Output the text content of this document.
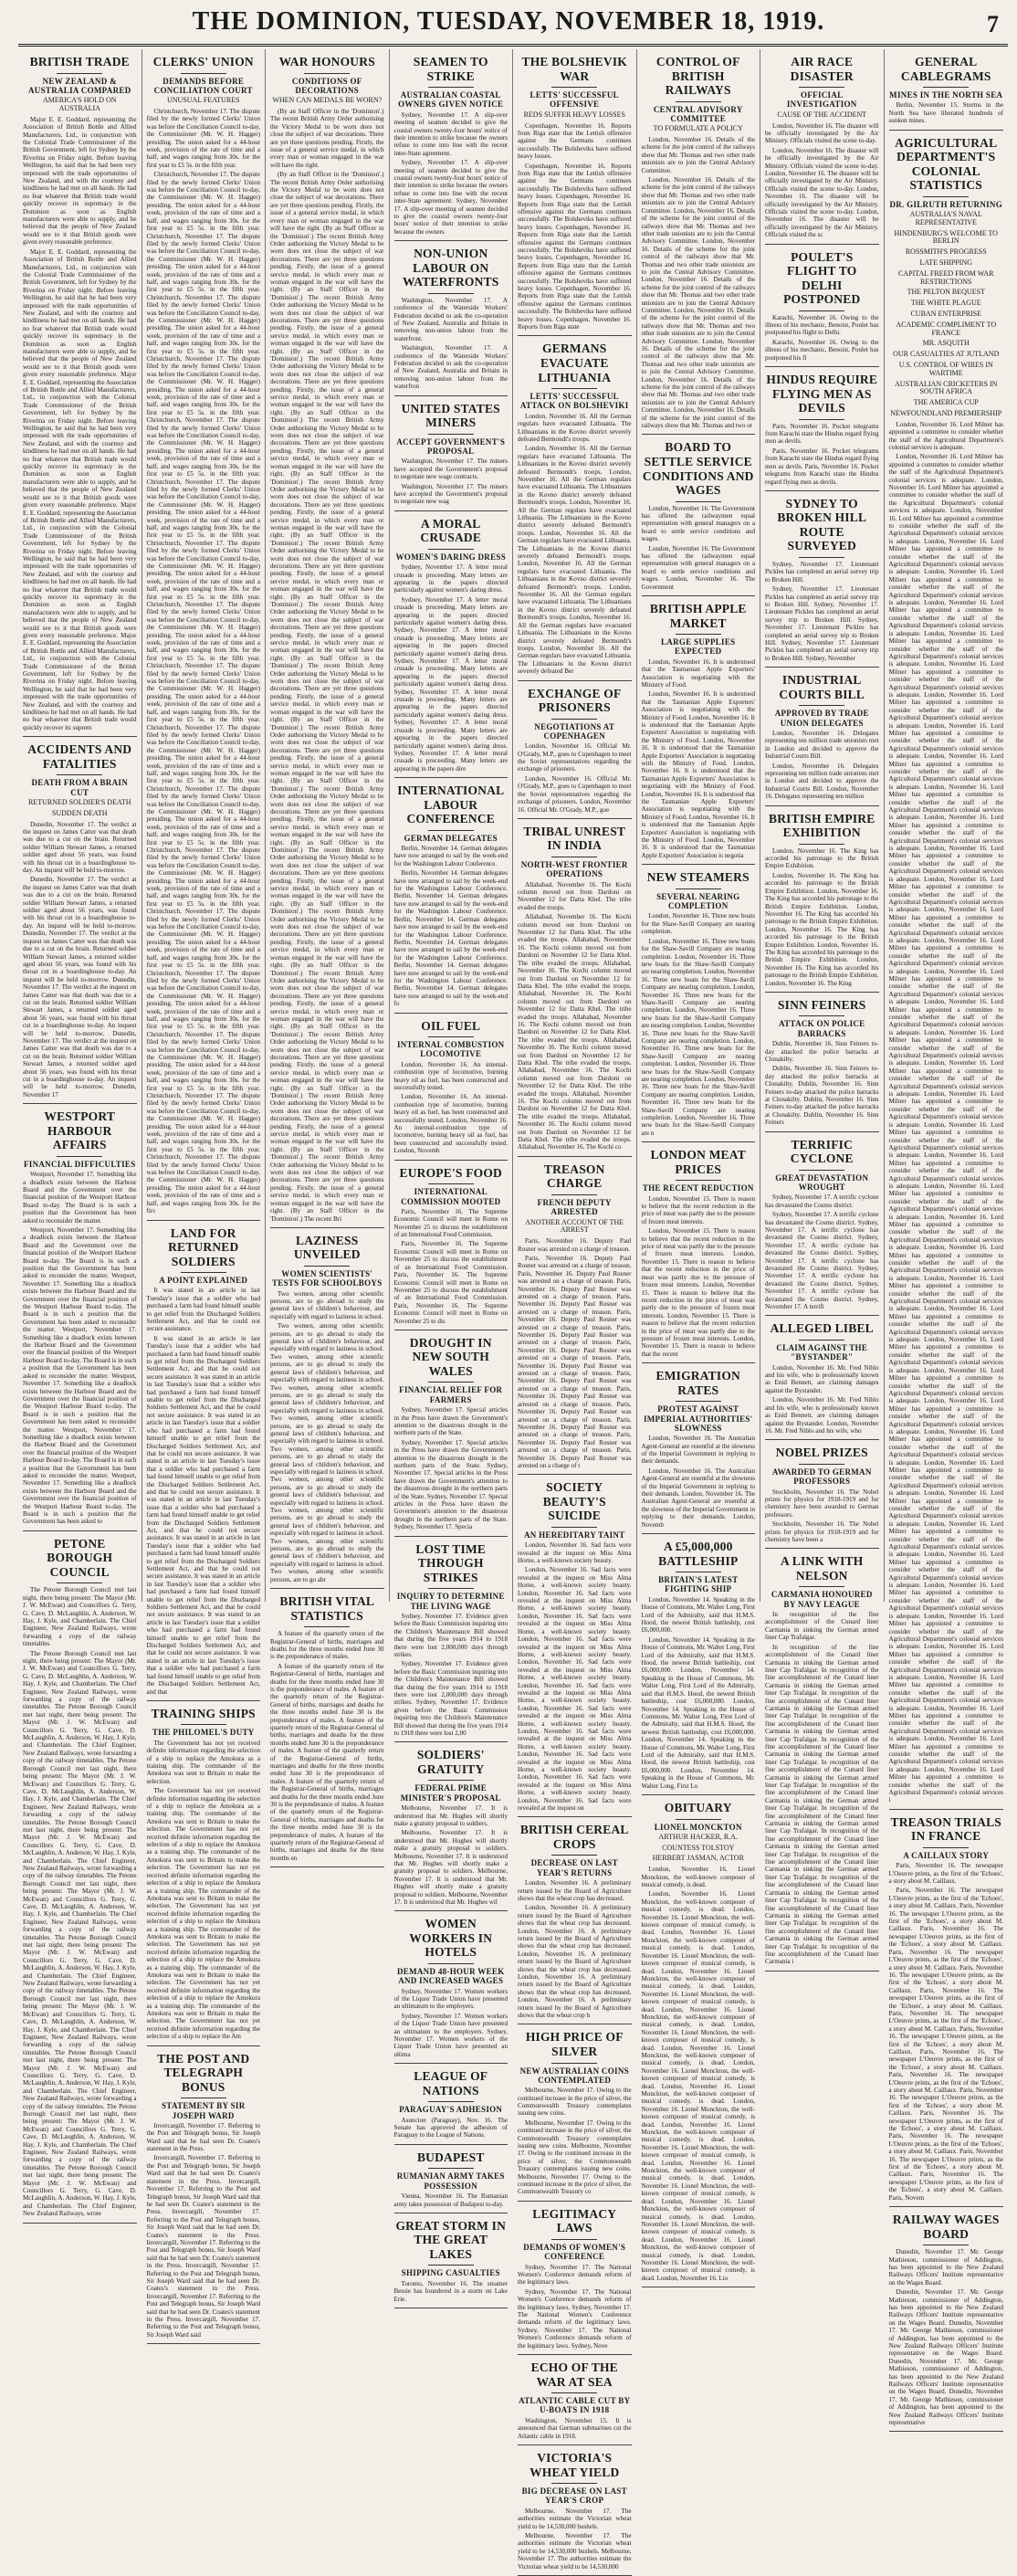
THE DOMINION, TUESDAY, NOVEMBER 18, 1919.	7
BRITISH TRADE
NEW ZEALAND & AUSTRALIA COMPARED
AMERICA'S HOLD ON AUSTRALIA

Major E. E. Goddard, representing the Association of British Bottle and Allied Manufacturers, Ltd., in conjunction with the Colonial Trade Commissioner of the British Government, left for Sydney by the Riverina on Friday night. Before leaving Wellington, he said that he had been very impressed with the trade opportunities of New Zealand, and with the courtesy and kindliness he had met on all hands. He had no fear whatever that British trade would quickly recover its supremacy in the Dominion as soon as English manufacturers were able to supply, and he believed that the people of New Zealand would see to it that British goods were given every reasonable preference.

Major E. E. Goddard, representing the Association of British Bottle and Allied Manufacturers, Ltd., in conjunction with the Colonial Trade Commissioner of the British Government, left for Sydney by the Riverina on Friday night. Before leaving Wellington, he said that he had been very impressed with the trade opportunities of New Zealand, and with the courtesy and kindliness he had met on all hands. He had no fear whatever that British trade would quickly recover its supremacy in the Dominion as soon as English manufacturers were able to supply, and he believed that the people of New Zealand would see to it that British goods were given every reasonable preference. Major E. E. Goddard, representing the Association of British Bottle and Allied Manufacturers, Ltd., in conjunction with the Colonial Trade Commissioner of the British Government, left for Sydney by the Riverina on Friday night. Before leaving Wellington, he said that he had been very impressed with the trade opportunities of New Zealand, and with the courtesy and kindliness he had met on all hands. He had no fear whatever that British trade would quickly recover its supremacy in the Dominion as soon as English manufacturers were able to supply, and he believed that the people of New Zealand would see to it that British goods were given every reasonable preference. Major E. E. Goddard, representing the Association of British Bottle and Allied Manufacturers, Ltd., in conjunction with the Colonial Trade Commissioner of the British Government, left for Sydney by the Riverina on Friday night. Before leaving Wellington, he said that he had been very impressed with the trade opportunities of New Zealand, and with the courtesy and kindliness he had met on all hands. He had no fear whatever that British trade would quickly recover its supremacy in the Dominion as soon as English manufacturers were able to supply, and he believed that the people of New Zealand would see to it that British goods were given every reasonable preference. Major E. E. Goddard, representing the Association of British Bottle and Allied Manufacturers, Ltd., in conjunction with the Colonial Trade Commissioner of the British Government, left for Sydney by the Riverina on Friday night. Before leaving Wellington, he said that he had been very impressed with the trade opportunities of New Zealand, and with the courtesy and kindliness he had met on all hands. He had no fear whatever that British trade would quickly recover its suprem

ACCIDENTS AND FATALITIES
DEATH FROM A BRAIN CUT
RETURNED SOLDIER'S DEATH
SUDDEN DEATH

Dunedin, November 17. The verdict at the inquest on James Catter was that death was due to a cut on the brain. Returned soldier William Stewart James, a returned soldier aged about 56 years, was found with his throat cut in a boardinghouse to-day. An inquest will be held to-morrow.

Dunedin, November 17. The verdict at the inquest on James Catter was that death was due to a cut on the brain. Returned soldier William Stewart James, a returned soldier aged about 56 years, was found with his throat cut in a boardinghouse to-day. An inquest will be held to-morrow. Dunedin, November 17. The verdict at the inquest on James Catter was that death was due to a cut on the brain. Returned soldier William Stewart James, a returned soldier aged about 56 years, was found with his throat cut in a boardinghouse to-day. An inquest will be held to-morrow. Dunedin, November 17. The verdict at the inquest on James Catter was that death was due to a cut on the brain. Returned soldier William Stewart James, a returned soldier aged about 56 years, was found with his throat cut in a boardinghouse to-day. An inquest will be held to-morrow. Dunedin, November 17. The verdict at the inquest on James Catter was that death was due to a cut on the brain. Returned soldier William Stewart James, a returned soldier aged about 56 years, was found with his throat cut in a boardinghouse to-day. An inquest will be held to-morrow. Dunedin, November 17

WESTPORT HARBOUR AFFAIRS
FINANCIAL DIFFICULTIES

Westport, November 17. Something like a deadlock exists between the Harbour Board and the Government over the financial position of the Westport Harbour Board to-day. The Board is in such a position that the Government has been asked to reconsider the matter.

Westport, November 17. Something like a deadlock exists between the Harbour Board and the Government over the financial position of the Westport Harbour Board to-day. The Board is in such a position that the Government has been asked to reconsider the matter. Westport, November 17. Something like a deadlock exists between the Harbour Board and the Government over the financial position of the Westport Harbour Board to-day. The Board is in such a position that the Government has been asked to reconsider the matter. Westport, November 17. Something like a deadlock exists between the Harbour Board and the Government over the financial position of the Westport Harbour Board to-day. The Board is in such a position that the Government has been asked to reconsider the matter. Westport, November 17. Something like a deadlock exists between the Harbour Board and the Government over the financial position of the Westport Harbour Board to-day. The Board is in such a position that the Government has been asked to reconsider the matter. Westport, November 17. Something like a deadlock exists between the Harbour Board and the Government over the financial position of the Westport Harbour Board to-day. The Board is in such a position that the Government has been asked to reconsider the matter. Westport, November 17. Something like a deadlock exists between the Harbour Board and the Government over the financial position of the Westport Harbour Board to-day. The Board is in such a position that the Government has been asked to

PETONE BOROUGH COUNCIL

The Petone Borough Council met last night, there being present: The Mayor (Mr. J. W. McEwan) and Councillors G. Terry, G. Cave, D. McLaughlin, A. Anderson, W. Hay, J. Kyle, and Chamberlain. The Chief Engineer, New Zealand Railways, wrote forwarding a copy of the railway timetables.

The Petone Borough Council met last night, there being present: The Mayor (Mr. J. W. McEwan) and Councillors G. Terry, G. Cave, D. McLaughlin, A. Anderson, W. Hay, J. Kyle, and Chamberlain. The Chief Engineer, New Zealand Railways, wrote forwarding a copy of the railway timetables. The Petone Borough Council met last night, there being present: The Mayor (Mr. J. W. McEwan) and Councillors G. Terry, G. Cave, D. McLaughlin, A. Anderson, W. Hay, J. Kyle, and Chamberlain. The Chief Engineer, New Zealand Railways, wrote forwarding a copy of the railway timetables. The Petone Borough Council met last night, there being present: The Mayor (Mr. J. W. McEwan) and Councillors G. Terry, G. Cave, D. McLaughlin, A. Anderson, W. Hay, J. Kyle, and Chamberlain. The Chief Engineer, New Zealand Railways, wrote forwarding a copy of the railway timetables. The Petone Borough Council met last night, there being present: The Mayor (Mr. J. W. McEwan) and Councillors G. Terry, G. Cave, D. McLaughlin, A. Anderson, W. Hay, J. Kyle, and Chamberlain. The Chief Engineer, New Zealand Railways, wrote forwarding a copy of the railway timetables. The Petone Borough Council met last night, there being present: The Mayor (Mr. J. W. McEwan) and Councillors G. Terry, G. Cave, D. McLaughlin, A. Anderson, W. Hay, J. Kyle, and Chamberlain. The Chief Engineer, New Zealand Railways, wrote forwarding a copy of the railway timetables. The Petone Borough Council met last night, there being present: The Mayor (Mr. J. W. McEwan) and Councillors G. Terry, G. Cave, D. McLaughlin, A. Anderson, W. Hay, J. Kyle, and Chamberlain. The Chief Engineer, New Zealand Railways, wrote forwarding a copy of the railway timetables. The Petone Borough Council met last night, there being present: The Mayor (Mr. J. W. McEwan) and Councillors G. Terry, G. Cave, D. McLaughlin, A. Anderson, W. Hay, J. Kyle, and Chamberlain. The Chief Engineer, New Zealand Railways, wrote forwarding a copy of the railway timetables. The Petone Borough Council met last night, there being present: The Mayor (Mr. J. W. McEwan) and Councillors G. Terry, G. Cave, D. McLaughlin, A. Anderson, W. Hay, J. Kyle, and Chamberlain. The Chief Engineer, New Zealand Railways, wrote forwarding a copy of the railway timetables. The Petone Borough Council met last night, there being present: The Mayor (Mr. J. W. McEwan) and Councillors G. Terry, G. Cave, D. McLaughlin, A. Anderson, W. Hay, J. Kyle, and Chamberlain. The Chief Engineer, New Zealand Railways, wrote forwarding a copy of the railway timetables. The Petone Borough Council met last night, there being present: The Mayor (Mr. J. W. McEwan) and Councillors G. Terry, G. Cave, D. McLaughlin, A. Anderson, W. Hay, J. Kyle, and Chamberlain. The Chief Engineer, New Zealand Railways, wrote

CLERKS' UNION
DEMANDS BEFORE CONCILIATION COURT
UNUSUAL FEATURES

Christchurch, November 17. The dispute filed by the newly formed Clerks' Union was before the Conciliation Council to-day, the Commissioner (Mr. W. H. Hagger) presiding. The union asked for a 44-hour week, provision of the rate of time and a half, and wages ranging from 30s. for the first year to £5 5s. in the fifth year.

Christchurch, November 17. The dispute filed by the newly formed Clerks' Union was before the Conciliation Council to-day, the Commissioner (Mr. W. H. Hagger) presiding. The union asked for a 44-hour week, provision of the rate of time and a half, and wages ranging from 30s. for the first year to £5 5s. in the fifth year. Christchurch, November 17. The dispute filed by the newly formed Clerks' Union was before the Conciliation Council to-day, the Commissioner (Mr. W. H. Hagger) presiding. The union asked for a 44-hour week, provision of the rate of time and a half, and wages ranging from 30s. for the first year to £5 5s. in the fifth year. Christchurch, November 17. The dispute filed by the newly formed Clerks' Union was before the Conciliation Council to-day, the Commissioner (Mr. W. H. Hagger) presiding. The union asked for a 44-hour week, provision of the rate of time and a half, and wages ranging from 30s. for the first year to £5 5s. in the fifth year. Christchurch, November 17. The dispute filed by the newly formed Clerks' Union was before the Conciliation Council to-day, the Commissioner (Mr. W. H. Hagger) presiding. The union asked for a 44-hour week, provision of the rate of time and a half, and wages ranging from 30s. for the first year to £5 5s. in the fifth year. Christchurch, November 17. The dispute filed by the newly formed Clerks' Union was before the Conciliation Council to-day, the Commissioner (Mr. W. H. Hagger) presiding. The union asked for a 44-hour week, provision of the rate of time and a half, and wages ranging from 30s. for the first year to £5 5s. in the fifth year. Christchurch, November 17. The dispute filed by the newly formed Clerks' Union was before the Conciliation Council to-day, the Commissioner (Mr. W. H. Hagger) presiding. The union asked for a 44-hour week, provision of the rate of time and a half, and wages ranging from 30s. for the first year to £5 5s. in the fifth year. Christchurch, November 17. The dispute filed by the newly formed Clerks' Union was before the Conciliation Council to-day, the Commissioner (Mr. W. H. Hagger) presiding. The union asked for a 44-hour week, provision of the rate of time and a half, and wages ranging from 30s. for the first year to £5 5s. in the fifth year. Christchurch, November 17. The dispute filed by the newly formed Clerks' Union was before the Conciliation Council to-day, the Commissioner (Mr. W. H. Hagger) presiding. The union asked for a 44-hour week, provision of the rate of time and a half, and wages ranging from 30s. for the first year to £5 5s. in the fifth year. Christchurch, November 17. The dispute filed by the newly formed Clerks' Union was before the Conciliation Council to-day, the Commissioner (Mr. W. H. Hagger) presiding. The union asked for a 44-hour week, provision of the rate of time and a half, and wages ranging from 30s. for the first year to £5 5s. in the fifth year. Christchurch, November 17. The dispute filed by the newly formed Clerks' Union was before the Conciliation Council to-day, the Commissioner (Mr. W. H. Hagger) presiding. The union asked for a 44-hour week, provision of the rate of time and a half, and wages ranging from 30s. for the first year to £5 5s. in the fifth year. Christchurch, November 17. The dispute filed by the newly formed Clerks' Union was before the Conciliation Council to-day, the Commissioner (Mr. W. H. Hagger) presiding. The union asked for a 44-hour week, provision of the rate of time and a half, and wages ranging from 30s. for the first year to £5 5s. in the fifth year. Christchurch, November 17. The dispute filed by the newly formed Clerks' Union was before the Conciliation Council to-day, the Commissioner (Mr. W. H. Hagger) presiding. The union asked for a 44-hour week, provision of the rate of time and a half, and wages ranging from 30s. for the first year to £5 5s. in the fifth year. Christchurch, November 17. The dispute filed by the newly formed Clerks' Union was before the Conciliation Council to-day, the Commissioner (Mr. W. H. Hagger) presiding. The union asked for a 44-hour week, provision of the rate of time and a half, and wages ranging from 30s. for the first year to £5 5s. in the fifth year. Christchurch, November 17. The dispute filed by the newly formed Clerks' Union was before the Conciliation Council to-day, the Commissioner (Mr. W. H. Hagger) presiding. The union asked for a 44-hour week, provision of the rate of time and a half, and wages ranging from 30s. for the first year to £5 5s. in the fifth year. Christchurch, November 17. The dispute filed by the newly formed Clerks' Union was before the Conciliation Council to-day, the Commissioner (Mr. W. H. Hagger) presiding. The union asked for a 44-hour week, provision of the rate of time and a half, and wages ranging from 30s. for the first year to £5 5s. in the fifth year. Christchurch, November 17. The dispute filed by the newly formed Clerks' Union was before the Conciliation Council to-day, the Commissioner (Mr. W. H. Hagger) presiding. The union asked for a 44-hour week, provision of the rate of time and a half, and wages ranging from 30s. for the first year to £5 5s. in the fifth year. Christchurch, November 17. The dispute filed by the newly formed Clerks' Union was before the Conciliation Council to-day, the Commissioner (Mr. W. H. Hagger) presiding. The union asked for a 44-hour week, provision of the rate of time and a half, and wages ranging from 30s. for the firs

LAND FOR RETURNED SOLDIERS
A POINT EXPLAINED

It was stated in an article in last Tuesday's issue that a soldier who had purchased a farm had found himself unable to get relief from the Discharged Soldiers Settlement Act, and that he could not secure assistance.

It was stated in an article in last Tuesday's issue that a soldier who had purchased a farm had found himself unable to get relief from the Discharged Soldiers Settlement Act, and that he could not secure assistance. It was stated in an article in last Tuesday's issue that a soldier who had purchased a farm had found himself unable to get relief from the Discharged Soldiers Settlement Act, and that he could not secure assistance. It was stated in an article in last Tuesday's issue that a soldier who had purchased a farm had found himself unable to get relief from the Discharged Soldiers Settlement Act, and that he could not secure assistance. It was stated in an article in last Tuesday's issue that a soldier who had purchased a farm had found himself unable to get relief from the Discharged Soldiers Settlement Act, and that he could not secure assistance. It was stated in an article in last Tuesday's issue that a soldier who had purchased a farm had found himself unable to get relief from the Discharged Soldiers Settlement Act, and that he could not secure assistance. It was stated in an article in last Tuesday's issue that a soldier who had purchased a farm had found himself unable to get relief from the Discharged Soldiers Settlement Act, and that he could not secure assistance. It was stated in an article in last Tuesday's issue that a soldier who had purchased a farm had found himself unable to get relief from the Discharged Soldiers Settlement Act, and that he could not secure assistance. It was stated in an article in last Tuesday's issue that a soldier who had purchased a farm had found himself unable to get relief from the Discharged Soldiers Settlement Act, and that he could not secure assistance. It was stated in an article in last Tuesday's issue that a soldier who had purchased a farm had found himself unable to get relief from the Discharged Soldiers Settlement Act, and that

TRAINING SHIPS
THE PHILOMEL'S DUTY

The Government has not yet received definite information regarding the selection of a ship to replace the Amokura as a training ship. The commander of the Amokura was sent to Britain to make the selection.

The Government has not yet received definite information regarding the selection of a ship to replace the Amokura as a training ship. The commander of the Amokura was sent to Britain to make the selection. The Government has not yet received definite information regarding the selection of a ship to replace the Amokura as a training ship. The commander of the Amokura was sent to Britain to make the selection. The Government has not yet received definite information regarding the selection of a ship to replace the Amokura as a training ship. The commander of the Amokura was sent to Britain to make the selection. The Government has not yet received definite information regarding the selection of a ship to replace the Amokura as a training ship. The commander of the Amokura was sent to Britain to make the selection. The Government has not yet received definite information regarding the selection of a ship to replace the Amokura as a training ship. The commander of the Amokura was sent to Britain to make the selection. The Government has not yet received definite information regarding the selection of a ship to replace the Amokura as a training ship. The commander of the Amokura was sent to Britain to make the selection. The Government has not yet received definite information regarding the selection of a ship to replace the Am

THE POST AND TELEGRAPH BONUS
STATEMENT BY SIR JOSEPH WARD

Invercargill, November 17. Referring to the Post and Telegraph bonus, Sir Joseph Ward said that he had seen Dr. Coates's statement in the Press.

Invercargill, November 17. Referring to the Post and Telegraph bonus, Sir Joseph Ward said that he had seen Dr. Coates's statement in the Press. Invercargill, November 17. Referring to the Post and Telegraph bonus, Sir Joseph Ward said that he had seen Dr. Coates's statement in the Press. Invercargill, November 17. Referring to the Post and Telegraph bonus, Sir Joseph Ward said that he had seen Dr. Coates's statement in the Press. Invercargill, November 17. Referring to the Post and Telegraph bonus, Sir Joseph Ward said that he had seen Dr. Coates's statement in the Press. Invercargill, November 17. Referring to the Post and Telegraph bonus, Sir Joseph Ward said that he had seen Dr. Coates's statement in the Press. Invercargill, November 17. Referring to the Post and Telegraph bonus, Sir Joseph Ward said that he had seen Dr. Coates's statement in the Press. Invercargill, November 17. Referring to the Post and Telegraph bonus, Sir Joseph Ward said

WAR HONOURS
CONDITIONS OF DECORATIONS
WHEN CAN MEDALS BE WORN?

(By an Staff Officer in the 'Dominion'.) The recent British Army Order authorising the Victory Medal to be worn does not close the subject of war decorations. There are yet three questions pending. Firstly, the issue of a general service medal, in which every man or woman engaged in the war will have the right.

(By an Staff Officer in the 'Dominion'.) The recent British Army Order authorising the Victory Medal to be worn does not close the subject of war decorations. There are yet three questions pending. Firstly, the issue of a general service medal, in which every man or woman engaged in the war will have the right. (By an Staff Officer in the 'Dominion'.) The recent British Army Order authorising the Victory Medal to be worn does not close the subject of war decorations. There are yet three questions pending. Firstly, the issue of a general service medal, in which every man or woman engaged in the war will have the right. (By an Staff Officer in the 'Dominion'.) The recent British Army Order authorising the Victory Medal to be worn does not close the subject of war decorations. There are yet three questions pending. Firstly, the issue of a general service medal, in which every man or woman engaged in the war will have the right. (By an Staff Officer in the 'Dominion'.) The recent British Army Order authorising the Victory Medal to be worn does not close the subject of war decorations. There are yet three questions pending. Firstly, the issue of a general service medal, in which every man or woman engaged in the war will have the right. (By an Staff Officer in the 'Dominion'.) The recent British Army Order authorising the Victory Medal to be worn does not close the subject of war decorations. There are yet three questions pending. Firstly, the issue of a general service medal, in which every man or woman engaged in the war will have the right. (By an Staff Officer in the 'Dominion'.) The recent British Army Order authorising the Victory Medal to be worn does not close the subject of war decorations. There are yet three questions pending. Firstly, the issue of a general service medal, in which every man or woman engaged in the war will have the right. (By an Staff Officer in the 'Dominion'.) The recent British Army Order authorising the Victory Medal to be worn does not close the subject of war decorations. There are yet three questions pending. Firstly, the issue of a general service medal, in which every man or woman engaged in the war will have the right. (By an Staff Officer in the 'Dominion'.) The recent British Army Order authorising the Victory Medal to be worn does not close the subject of war decorations. There are yet three questions pending. Firstly, the issue of a general service medal, in which every man or woman engaged in the war will have the right. (By an Staff Officer in the 'Dominion'.) The recent British Army Order authorising the Victory Medal to be worn does not close the subject of war decorations. There are yet three questions pending. Firstly, the issue of a general service medal, in which every man or woman engaged in the war will have the right. (By an Staff Officer in the 'Dominion'.) The recent British Army Order authorising the Victory Medal to be worn does not close the subject of war decorations. There are yet three questions pending. Firstly, the issue of a general service medal, in which every man or woman engaged in the war will have the right. (By an Staff Officer in the 'Dominion'.) The recent British Army Order authorising the Victory Medal to be worn does not close the subject of war decorations. There are yet three questions pending. Firstly, the issue of a general service medal, in which every man or woman engaged in the war will have the right. (By an Staff Officer in the 'Dominion'.) The recent British Army Order authorising the Victory Medal to be worn does not close the subject of war decorations. There are yet three questions pending. Firstly, the issue of a general service medal, in which every man or woman engaged in the war will have the right. (By an Staff Officer in the 'Dominion'.) The recent British Army Order authorising the Victory Medal to be worn does not close the subject of war decorations. There are yet three questions pending. Firstly, the issue of a general service medal, in which every man or woman engaged in the war will have the right. (By an Staff Officer in the 'Dominion'.) The recent British Army Order authorising the Victory Medal to be worn does not close the subject of war decorations. There are yet three questions pending. Firstly, the issue of a general service medal, in which every man or woman engaged in the war will have the right. (By an Staff Officer in the 'Dominion'.) The recent British Army Order authorising the Victory Medal to be worn does not close the subject of war decorations. There are yet three questions pending. Firstly, the issue of a general service medal, in which every man or woman engaged in the war will have the right. (By an Staff Officer in the 'Dominion'.) The recent British Army Order authorising the Victory Medal to be worn does not close the subject of war decorations. There are yet three questions pending. Firstly, the issue of a general service medal, in which every man or woman engaged in the war will have the right. (By an Staff Officer in the 'Dominion'.) The recent British Army Order authorising the Victory Medal to be worn does not close the subject of war decorations. There are yet three questions pending. Firstly, the issue of a general service medal, in which every man or woman engaged in the war will have the right. (By an Staff Officer in the 'Dominion'.) The recent Bri

LAZINESS UNVEILED
WOMEN SCIENTISTS' TESTS FOR SCHOOLBOYS

Two women, among other scientific persons, are to go abroad to study the general laws of children's behaviour, and especially with regard to laziness in school.

Two women, among other scientific persons, are to go abroad to study the general laws of children's behaviour, and especially with regard to laziness in school. Two women, among other scientific persons, are to go abroad to study the general laws of children's behaviour, and especially with regard to laziness in school. Two women, among other scientific persons, are to go abroad to study the general laws of children's behaviour, and especially with regard to laziness in school. Two women, among other scientific persons, are to go abroad to study the general laws of children's behaviour, and especially with regard to laziness in school. Two women, among other scientific persons, are to go abroad to study the general laws of children's behaviour, and especially with regard to laziness in school. Two women, among other scientific persons, are to go abroad to study the general laws of children's behaviour, and especially with regard to laziness in school. Two women, among other scientific persons, are to go abroad to study the general laws of children's behaviour, and especially with regard to laziness in school. Two women, among other scientific persons, are to go abroad to study the general laws of children's behaviour, and especially with regard to laziness in school. Two women, among other scientific persons, are to go abr

BRITISH VITAL STATISTICS

A feature of the quarterly return of the Registrar-General of births, marriages and deaths for the three months ended June 30 is the preponderance of males.

A feature of the quarterly return of the Registrar-General of births, marriages and deaths for the three months ended June 30 is the preponderance of males. A feature of the quarterly return of the Registrar-General of births, marriages and deaths for the three months ended June 30 is the preponderance of males. A feature of the quarterly return of the Registrar-General of births, marriages and deaths for the three months ended June 30 is the preponderance of males. A feature of the quarterly return of the Registrar-General of births, marriages and deaths for the three months ended June 30 is the preponderance of males. A feature of the quarterly return of the Registrar-General of births, marriages and deaths for the three months ended June 30 is the preponderance of males. A feature of the quarterly return of the Registrar-General of births, marriages and deaths for the three months ended June 30 is the preponderance of males. A feature of the quarterly return of the Registrar-General of births, marriages and deaths for the three months en

SEAMEN TO STRIKE
AUSTRALIAN COASTAL OWNERS GIVEN NOTICE

Sydney, November 17. A slip-over meeting of seamen decided to give the coastal owners twenty-four hours' notice of their intention to strike because the owners refuse to come into line with the recent inter-State agreement.

Sydney, November 17. A slip-over meeting of seamen decided to give the coastal owners twenty-four hours' notice of their intention to strike because the owners refuse to come into line with the recent inter-State agreement. Sydney, November 17. A slip-over meeting of seamen decided to give the coastal owners twenty-four hours' notice of their intention to strike because the owners

NON-UNION LABOUR ON WATERFRONTS

Washington, November 17. A conference of the Waterside Workers' Federation decided to ask the co-operation of New Zealand, Australia and Britain in removing non-union labour from the waterfront.

Washington, November 17. A conference of the Waterside Workers' Federation decided to ask the co-operation of New Zealand, Australia and Britain in removing non-union labour from the waterfron

UNITED STATES MINERS
ACCEPT GOVERNMENT'S PROPOSAL

Washington, November 17. The miners have accepted the Government's proposal to negotiate new wage contracts.

Washington, November 17. The miners have accepted the Government's proposal to negotiate new wag

A MORAL CRUSADE
WOMEN'S DARING DRESS

Sydney, November 17. A letter moral crusade is proceeding. Many letters are appearing in the papers directed particularly against women's daring dress.

Sydney, November 17. A letter moral crusade is proceeding. Many letters are appearing in the papers directed particularly against women's daring dress. Sydney, November 17. A letter moral crusade is proceeding. Many letters are appearing in the papers directed particularly against women's daring dress. Sydney, November 17. A letter moral crusade is proceeding. Many letters are appearing in the papers directed particularly against women's daring dress. Sydney, November 17. A letter moral crusade is proceeding. Many letters are appearing in the papers directed particularly against women's daring dress. Sydney, November 17. A letter moral crusade is proceeding. Many letters are appearing in the papers directed particularly against women's daring dress. Sydney, November 17. A letter moral crusade is proceeding. Many letters are appearing in the papers dire

INTERNATIONAL LABOUR CONFERENCE
GERMAN DELEGATES

Berlin, November 14. German delegates have now arranged to sail by the week-end for the Washington Labour Conference.

Berlin, November 14. German delegates have now arranged to sail by the week-end for the Washington Labour Conference. Berlin, November 14. German delegates have now arranged to sail by the week-end for the Washington Labour Conference. Berlin, November 14. German delegates have now arranged to sail by the week-end for the Washington Labour Conference. Berlin, November 14. German delegates have now arranged to sail by the week-end for the Washington Labour Conference. Berlin, November 14. German delegates have now arranged to sail by the week-end for the Washington Labour Conference. Berlin, November 14. German delegates have now arranged to sail by the week-end fo

OIL FUEL
INTERNAL COMBUSTION LOCOMOTIVE

London, November 16. An internal-combustion type of locomotive, burning heavy oil as fuel, has been constructed and successfully tested.

London, November 16. An internal-combustion type of locomotive, burning heavy oil as fuel, has been constructed and successfully tested. London, November 16. An internal-combustion type of locomotive, burning heavy oil as fuel, has been constructed and successfully tested. London, Novemb

EUROPE'S FOOD
INTERNATIONAL COMMISSION MOOTED

Paris, November 16. The Supreme Economic Council will meet in Rome on November 25 to discuss the establishment of an International Food Commission.

Paris, November 16. The Supreme Economic Council will meet in Rome on November 25 to discuss the establishment of an International Food Commission. Paris, November 16. The Supreme Economic Council will meet in Rome on November 25 to discuss the establishment of an International Food Commission. Paris, November 16. The Supreme Economic Council will meet in Rome on November 25 to dis

DROUGHT IN NEW SOUTH WALES
FINANCIAL RELIEF FOR FARMERS

Sydney, November 17. Special articles in the Press have drawn the Government's attention to the disastrous drought in the northern parts of the State.

Sydney, November 17. Special articles in the Press have drawn the Government's attention to the disastrous drought in the northern parts of the State. Sydney, November 17. Special articles in the Press have drawn the Government's attention to the disastrous drought in the northern parts of the State. Sydney, November 17. Special articles in the Press have drawn the Government's attention to the disastrous drought in the northern parts of the State. Sydney, November 17. Specia

LOST TIME THROUGH STRIKES
INQUIRY TO DETERMINE THE LIVING WAGE

Sydney, November 17. Evidence given before the Basic Commission inquiring into the Children's Maintenance Bill showed that during the five years 1914 to 1918 there were lost 2,000,000 days through strikes.

Sydney, November 17. Evidence given before the Basic Commission inquiring into the Children's Maintenance Bill showed that during the five years 1914 to 1918 there were lost 2,000,000 days through strikes. Sydney, November 17. Evidence given before the Basic Commission inquiring into the Children's Maintenance Bill showed that during the five years 1914 to 1918 there were lost 2,00

SOLDIERS' GRATUITY
FEDERAL PRIME MINISTER'S PROPOSAL

Melbourne, November 17. It is understood that Mr. Hughes will shortly make a gratuity proposal to soldiers.

Melbourne, November 17. It is understood that Mr. Hughes will shortly make a gratuity proposal to soldiers. Melbourne, November 17. It is understood that Mr. Hughes will shortly make a gratuity proposal to soldiers. Melbourne, November 17. It is understood that Mr. Hughes will shortly make a gratuity proposal to soldiers. Melbourne, November 17. It is understood that Mr. Hughes wil

WOMEN WORKERS IN HOTELS
DEMAND 48-HOUR WEEK AND INCREASED WAGES

Sydney, November 17. Women workers of the Liquor Trade Union have presented an ultimatum to the employers.

Sydney, November 17. Women workers of the Liquor Trade Union have presented an ultimatum to the employers. Sydney, November 17. Women workers of the Liquor Trade Union have presented an ultima

LEAGUE OF NATIONS
PARAGUAY'S ADHESION

Asuncion (Paraguay), Nov. 16. The Senate has approved the adhesion of Paraguay to the League of Nations.

BUDAPEST
RUMANIAN ARMY TAKES POSSESSION

Vienna, November 16. The Rumanian army takes possession of Budapest to-day.

GREAT STORM IN THE GREAT LAKES
SHIPPING CASUALTIES

Toronto, November 16. The steamer Bessie has foundered in a storm on Lake Erie.

THE BOLSHEVIK WAR
LETTS' SUCCESSFUL OFFENSIVE
REDS SUFFER HEAVY LOSSES

Copenhagen, November 16. Reports from Riga state that the Lettish offensive against the Germans continues successfully. The Bolsheviks have suffered heavy losses.

Copenhagen, November 16. Reports from Riga state that the Lettish offensive against the Germans continues successfully. The Bolsheviks have suffered heavy losses. Copenhagen, November 16. Reports from Riga state that the Lettish offensive against the Germans continues successfully. The Bolsheviks have suffered heavy losses. Copenhagen, November 16. Reports from Riga state that the Lettish offensive against the Germans continues successfully. The Bolsheviks have suffered heavy losses. Copenhagen, November 16. Reports from Riga state that the Lettish offensive against the Germans continues successfully. The Bolsheviks have suffered heavy losses. Copenhagen, November 16. Reports from Riga state that the Lettish offensive against the Germans continues successfully. The Bolsheviks have suffered heavy losses. Copenhagen, November 16. Reports from Riga state

GERMANS EVACUATE LITHUANIA
LETTS' SUCCESSFUL ATTACK ON BOLSHEVIKI

London, November 16. All the German regulars have evacuated Lithuania. The Lithuanians in the Kovno district severely defeated Bermondt's troops.

London, November 16. All the German regulars have evacuated Lithuania. The Lithuanians in the Kovno district severely defeated Bermondt's troops. London, November 16. All the German regulars have evacuated Lithuania. The Lithuanians in the Kovno district severely defeated Bermondt's troops. London, November 16. All the German regulars have evacuated Lithuania. The Lithuanians in the Kovno district severely defeated Bermondt's troops. London, November 16. All the German regulars have evacuated Lithuania. The Lithuanians in the Kovno district severely defeated Bermondt's troops. London, November 16. All the German regulars have evacuated Lithuania. The Lithuanians in the Kovno district severely defeated Bermondt's troops. London, November 16. All the German regulars have evacuated Lithuania. The Lithuanians in the Kovno district severely defeated Bermondt's troops. London, November 16. All the German regulars have evacuated Lithuania. The Lithuanians in the Kovno district severely defeated Bermondt's troops. London, November 16. All the German regulars have evacuated Lithuania. The Lithuanians in the Kovno district severely defeated Ber

EXCHANGE OF PRISONERS
NEGOTIATIONS AT COPENHAGEN

London, November 16. Official Mr. O'Grady, M.P., goes to Copenhagen to meet the Soviet representatives regarding the exchange of prisoners.

London, November 16. Official Mr. O'Grady, M.P., goes to Copenhagen to meet the Soviet representatives regarding the exchange of prisoners. London, November 16. Official Mr. O'Grady, M.P., goe

TRIBAL UNREST IN INDIA
NORTH-WEST FRONTIER OPERATIONS

Allahabad, November 16. The Kochi column moved out from Dardoni on November 12 for Datta Khel. The tribe evaded the troops.

Allahabad, November 16. The Kochi column moved out from Dardoni on November 12 for Datta Khel. The tribe evaded the troops. Allahabad, November 16. The Kochi column moved out from Dardoni on November 12 for Datta Khel. The tribe evaded the troops. Allahabad, November 16. The Kochi column moved out from Dardoni on November 12 for Datta Khel. The tribe evaded the troops. Allahabad, November 16. The Kochi column moved out from Dardoni on November 12 for Datta Khel. The tribe evaded the troops. Allahabad, November 16. The Kochi column moved out from Dardoni on November 12 for Datta Khel. The tribe evaded the troops. Allahabad, November 16. The Kochi column moved out from Dardoni on November 12 for Datta Khel. The tribe evaded the troops. Allahabad, November 16. The Kochi column moved out from Dardoni on November 12 for Datta Khel. The tribe evaded the troops. Allahabad, November 16. The Kochi column moved out from Dardoni on November 12 for Datta Khel. The tribe evaded the troops. Allahabad, November 16. The Kochi column moved out from Dardoni on November 12 for Datta Khel. The tribe evaded the troops. Allahabad, November 16. The Kochi co

TREASON CHARGE
FRENCH DEPUTY ARRESTED
ANOTHER ACCOUNT OF THE ARREST

Paris, November 16. Deputy Paul Rosner was arrested on a charge of treason.

Paris, November 16. Deputy Paul Rosner was arrested on a charge of treason. Paris, November 16. Deputy Paul Rosner was arrested on a charge of treason. Paris, November 16. Deputy Paul Rosner was arrested on a charge of treason. Paris, November 16. Deputy Paul Rosner was arrested on a charge of treason. Paris, November 16. Deputy Paul Rosner was arrested on a charge of treason. Paris, November 16. Deputy Paul Rosner was arrested on a charge of treason. Paris, November 16. Deputy Paul Rosner was arrested on a charge of treason. Paris, November 16. Deputy Paul Rosner was arrested on a charge of treason. Paris, November 16. Deputy Paul Rosner was arrested on a charge of treason. Paris, November 16. Deputy Paul Rosner was arrested on a charge of treason. Paris, November 16. Deputy Paul Rosner was arrested on a charge of treason. Paris, November 16. Deputy Paul Rosner was arrested on a charge of treason. Paris, November 16. Deputy Paul Rosner was arrested on a charge of treason. Paris, November 16. Deputy Paul Rosner was arrested on a charge of t

SOCIETY BEAUTY'S SUICIDE
AN HEREDITARY TAINT

London, November 16. Sad facts were revealed at the inquest on Miss Alma Horne, a well-known society beauty.

London, November 16. Sad facts were revealed at the inquest on Miss Alma Horne, a well-known society beauty. London, November 16. Sad facts were revealed at the inquest on Miss Alma Horne, a well-known society beauty. London, November 16. Sad facts were revealed at the inquest on Miss Alma Horne, a well-known society beauty. London, November 16. Sad facts were revealed at the inquest on Miss Alma Horne, a well-known society beauty. London, November 16. Sad facts were revealed at the inquest on Miss Alma Horne, a well-known society beauty. London, November 16. Sad facts were revealed at the inquest on Miss Alma Horne, a well-known society beauty. London, November 16. Sad facts were revealed at the inquest on Miss Alma Horne, a well-known society beauty. London, November 16. Sad facts were revealed at the inquest on Miss Alma Horne, a well-known society beauty. London, November 16. Sad facts were revealed at the inquest on Miss Alma Horne, a well-known society beauty. London, November 16. Sad facts were revealed at the inquest on Miss Alma Horne, a well-known society beauty. London, November 16. Sad facts were revealed at the inquest on

BRITISH CEREAL CROPS
DECREASE ON LAST YEAR'S RETURNS

London, November 16. A preliminary return issued by the Board of Agriculture shows that the wheat crop has decreased.

London, November 16. A preliminary return issued by the Board of Agriculture shows that the wheat crop has decreased. London, November 16. A preliminary return issued by the Board of Agriculture shows that the wheat crop has decreased. London, November 16. A preliminary return issued by the Board of Agriculture shows that the wheat crop has decreased. London, November 16. A preliminary return issued by the Board of Agriculture shows that the wheat crop has decreased. London, November 16. A preliminary return issued by the Board of Agriculture shows that the wheat crop h

HIGH PRICE OF SILVER
NEW AUSTRALIAN COINS CONTEMPLATED

Melbourne, November 17. Owing to the continued increase in the price of silver, the Commonwealth Treasury contemplates issuing new coins.

Melbourne, November 17. Owing to the continued increase in the price of silver, the Commonwealth Treasury contemplates issuing new coins. Melbourne, November 17. Owing to the continued increase in the price of silver, the Commonwealth Treasury contemplates issuing new coins. Melbourne, November 17. Owing to the continued increase in the price of silver, the Commonwealth Treasury co

LEGITIMACY LAWS
DEMANDS OF WOMEN'S CONFERENCE

Sydney, November 17. The National Women's Conference demands reform of the legitimacy laws.

Sydney, November 17. The National Women's Conference demands reform of the legitimacy laws. Sydney, November 17. The National Women's Conference demands reform of the legitimacy laws. Sydney, November 17. The National Women's Conference demands reform of the legitimacy laws. Sydney, Nove

ECHO OF THE WAR AT SEA
ATLANTIC CABLE CUT BY U-BOATS IN 1918

Washington, November 15. It is announced that German submarines cut the Atlantic cable in 1918.

VICTORIA'S WHEAT YIELD
BIG DECREASE ON LAST YEAR'S CROP

Melbourne, November 17. The authorities estimate the Victorian wheat yield to be 14,530,000 bushels.

Melbourne, November 17. The authorities estimate the Victorian wheat yield to be 14,530,000 bushels. Melbourne, November 17. The authorities estimate the Victorian wheat yield to be 14,530,000

CONTROL OF BRITISH RAILWAYS
CENTRAL ADVISORY COMMITTEE
TO FORMULATE A POLICY

London, November 16. Details of the scheme for the joint control of the railways show that Mr. Thomas and two other trade unionists are to join the Central Advisory Committee.

London, November 16. Details of the scheme for the joint control of the railways show that Mr. Thomas and two other trade unionists are to join the Central Advisory Committee. London, November 16. Details of the scheme for the joint control of the railways show that Mr. Thomas and two other trade unionists are to join the Central Advisory Committee. London, November 16. Details of the scheme for the joint control of the railways show that Mr. Thomas and two other trade unionists are to join the Central Advisory Committee. London, November 16. Details of the scheme for the joint control of the railways show that Mr. Thomas and two other trade unionists are to join the Central Advisory Committee. London, November 16. Details of the scheme for the joint control of the railways show that Mr. Thomas and two other trade unionists are to join the Central Advisory Committee. London, November 16. Details of the scheme for the joint control of the railways show that Mr. Thomas and two other trade unionists are to join the Central Advisory Committee. London, November 16. Details of the scheme for the joint control of the railways show that Mr. Thomas and two other trade unionists are to join the Central Advisory Committee. London, November 16. Details of the scheme for the joint control of the railways show that Mr. Thomas and two ot

BOARD TO SETTLE SERVICE CONDITIONS AND WAGES

London, November 16. The Government has offered the railwaymen equal representation with general managers on a board to settle service conditions and wages.

London, November 16. The Government has offered the railwaymen equal representation with general managers on a board to settle service conditions and wages. London, November 16. The Government

BRITISH APPLE MARKET
LARGE SUPPLIES EXPECTED

London, November 16. It is understood that the Tasmanian Apple Exporters' Association is negotiating with the Ministry of Food.

London, November 16. It is understood that the Tasmanian Apple Exporters' Association is negotiating with the Ministry of Food. London, November 16. It is understood that the Tasmanian Apple Exporters' Association is negotiating with the Ministry of Food. London, November 16. It is understood that the Tasmanian Apple Exporters' Association is negotiating with the Ministry of Food. London, November 16. It is understood that the Tasmanian Apple Exporters' Association is negotiating with the Ministry of Food. London, November 16. It is understood that the Tasmanian Apple Exporters' Association is negotiating with the Ministry of Food. London, November 16. It is understood that the Tasmanian Apple Exporters' Association is negotiating with the Ministry of Food. London, November 16. It is understood that the Tasmanian Apple Exporters' Association is negotia

NEW STEAMERS
SEVERAL NEARING COMPLETION

London, November 16. Three new boats for the Shaw-Savill Company are nearing completion.

London, November 16. Three new boats for the Shaw-Savill Company are nearing completion. London, November 16. Three new boats for the Shaw-Savill Company are nearing completion. London, November 16. Three new boats for the Shaw-Savill Company are nearing completion. London, November 16. Three new boats for the Shaw-Savill Company are nearing completion. London, November 16. Three new boats for the Shaw-Savill Company are nearing completion. London, November 16. Three new boats for the Shaw-Savill Company are nearing completion. London, November 16. Three new boats for the Shaw-Savill Company are nearing completion. London, November 16. Three new boats for the Shaw-Savill Company are nearing completion. London, November 16. Three new boats for the Shaw-Savill Company are nearing completion. London, November 16. Three new boats for the Shaw-Savill Company are nearing completion. London, November 16. Three new boats for the Shaw-Savill Company are n

LONDON MEAT PRICES
THE RECENT REDUCTION

London, November 15. There is reason to believe that the recent reduction in the price of meat was partly due to the pressure of frozen meat interests.

London, November 15. There is reason to believe that the recent reduction in the price of meat was partly due to the pressure of frozen meat interests. London, November 15. There is reason to believe that the recent reduction in the price of meat was partly due to the pressure of frozen meat interests. London, November 15. There is reason to believe that the recent reduction in the price of meat was partly due to the pressure of frozen meat interests. London, November 15. There is reason to believe that the recent reduction in the price of meat was partly due to the pressure of frozen meat interests. London, November 15. There is reason to believe that the recent

EMIGRATION RATES
PROTEST AGAINST IMPERIAL AUTHORITIES' SLOWNESS

London, November 16. The Australian Agent-General are resentful at the slowness of the Imperial Government in replying to their demands.

London, November 16. The Australian Agent-General are resentful at the slowness of the Imperial Government in replying to their demands. London, November 16. The Australian Agent-General are resentful at the slowness of the Imperial Government in replying to their demands. London, Novemb

A £5,000,000 BATTLESHIP
BRITAIN'S LATEST FIGHTING SHIP

London, November 14. Speaking in the House of Commons, Mr. Walter Long, First Lord of the Admiralty, said that H.M.S. Hood, the newest British battleship, cost £6,000,000.

London, November 14. Speaking in the House of Commons, Mr. Walter Long, First Lord of the Admiralty, said that H.M.S. Hood, the newest British battleship, cost £6,000,000. London, November 14. Speaking in the House of Commons, Mr. Walter Long, First Lord of the Admiralty, said that H.M.S. Hood, the newest British battleship, cost £6,000,000. London, November 14. Speaking in the House of Commons, Mr. Walter Long, First Lord of the Admiralty, said that H.M.S. Hood, the newest British battleship, cost £6,000,000. London, November 14. Speaking in the House of Commons, Mr. Walter Long, First Lord of the Admiralty, said that H.M.S. Hood, the newest British battleship, cost £6,000,000. London, November 14. Speaking in the House of Commons, Mr. Walter Long, First Lo

OBITUARY
LIONEL MONCKTON
ARTHUR HACKER, R.A.
COUNTESS TOLSTOY
HERBERT JASMAN, ACTOR

London, November 16. Lionel Monckton, the well-known composer of musical comedy, is dead.

London, November 16. Lionel Monckton, the well-known composer of musical comedy, is dead. London, November 16. Lionel Monckton, the well-known composer of musical comedy, is dead. London, November 16. Lionel Monckton, the well-known composer of musical comedy, is dead. London, November 16. Lionel Monckton, the well-known composer of musical comedy, is dead. London, November 16. Lionel Monckton, the well-known composer of musical comedy, is dead. London, November 16. Lionel Monckton, the well-known composer of musical comedy, is dead. London, November 16. Lionel Monckton, the well-known composer of musical comedy, is dead. London, November 16. Lionel Monckton, the well-known composer of musical comedy, is dead. London, November 16. Lionel Monckton, the well-known composer of musical comedy, is dead. London, November 16. Lionel Monckton, the well-known composer of musical comedy, is dead. London, November 16. Lionel Monckton, the well-known composer of musical comedy, is dead. London, November 16. Lionel Monckton, the well-known composer of musical comedy, is dead. London, November 16. Lionel Monckton, the well-known composer of musical comedy, is dead. London, November 16. Lionel Monckton, the well-known composer of musical comedy, is dead. London, November 16. Lionel Monckton, the well-known composer of musical comedy, is dead. London, November 16. Lionel Monckton, the well-known composer of musical comedy, is dead. London, November 16. Lionel Monckton, the well-known composer of musical comedy, is dead. London, November 16. Lionel Monckton, the well-known composer of musical comedy, is dead. London, November 16. Lionel Monckton, the well-known composer of musical comedy, is dead. London, November 16. Lionel Monckton, the well-known composer of musical comedy, is dead. London, November 16. Lio

AIR RACE DISASTER
OFFICIAL INVESTIGATION
CAUSE OF THE ACCIDENT

London, November 16. The disaster will be officially investigated by the Air Ministry. Officials visited the scene to-day.

London, November 16. The disaster will be officially investigated by the Air Ministry. Officials visited the scene to-day. London, November 16. The disaster will be officially investigated by the Air Ministry. Officials visited the scene to-day. London, November 16. The disaster will be officially investigated by the Air Ministry. Officials visited the scene to-day. London, November 16. The disaster will be officially investigated by the Air Ministry. Officials visited the sc

POULET'S FLIGHT TO DELHI POSTPONED

Karachi, November 16. Owing to the illness of his mechanic, Benoist, Poulet has postponed his flight to Delhi.

Karachi, November 16. Owing to the illness of his mechanic, Benoist, Poulet has postponed his fl

HINDUS REQUIRE FLYING MEN AS DEVILS

Paris, November 16. Pocket telegrams from Karachi state the Hindus regard flying men as devils.

Paris, November 16. Pocket telegrams from Karachi state the Hindus regard flying men as devils. Paris, November 16. Pocket telegrams from Karachi state the Hindus regard flying men as devils.

SYDNEY TO BROKEN HILL ROUTE SURVEYED

Sydney, November 17. Lieutenant Pickles has completed an aerial survey trip to Broken Hill.

Sydney, November 17. Lieutenant Pickles has completed an aerial survey trip to Broken Hill. Sydney, November 17. Lieutenant Pickles has completed an aerial survey trip to Broken Hill. Sydney, November 17. Lieutenant Pickles has completed an aerial survey trip to Broken Hill. Sydney, November 17. Lieutenant Pickles has completed an aerial survey trip to Broken Hill. Sydney, November

INDUSTRIAL COURTS BILL
APPROVED BY TRADE UNION DELEGATES

London, November 16. Delegates representing ten million trade unionists met in London and decided to approve the Industrial Courts Bill.

London, November 16. Delegates representing ten million trade unionists met in London and decided to approve the Industrial Courts Bill. London, November 16. Delegates representing ten million

BRITISH EMPIRE EXHIBITION

London, November 16. The King has accorded his patronage to the British Empire Exhibition.

London, November 16. The King has accorded his patronage to the British Empire Exhibition. London, November 16. The King has accorded his patronage to the British Empire Exhibition. London, November 16. The King has accorded his patronage to the British Empire Exhibition. London, November 16. The King has accorded his patronage to the British Empire Exhibition. London, November 16. The King has accorded his patronage to the British Empire Exhibition. London, November 16. The King has accorded his patronage to the British Empire Exhibition. London, November 16. The King

SINN FEINERS
ATTACK ON POLICE BARRACKS

Dublin, November 16. Sinn Feiners to-day attacked the police barracks at Clonakilty.

Dublin, November 16. Sinn Feiners to-day attacked the police barracks at Clonakilty. Dublin, November 16. Sinn Feiners to-day attacked the police barracks at Clonakilty. Dublin, November 16. Sinn Feiners to-day attacked the police barracks at Clonakilty. Dublin, November 16. Sinn Feiners

TERRIFIC CYCLONE
GREAT DEVASTATION WROUGHT

Sydney, November 17. A terrific cyclone has devastated the Cosmo district.

Sydney, November 17. A terrific cyclone has devastated the Cosmo district. Sydney, November 17. A terrific cyclone has devastated the Cosmo district. Sydney, November 17. A terrific cyclone has devastated the Cosmo district. Sydney, November 17. A terrific cyclone has devastated the Cosmo district. Sydney, November 17. A terrific cyclone has devastated the Cosmo district. Sydney, November 17. A terrific cyclone has devastated the Cosmo district. Sydney, November 17. A terrifi

ALLEGED LIBEL
CLAIM AGAINST THE "BYSTANDER"

London, November 16. Mr. Fred Niblo and his wife, who is professionally known as Enid Bennett, are claiming damages against the Bystander.

London, November 16. Mr. Fred Niblo and his wife, who is professionally known as Enid Bennett, are claiming damages against the Bystander. London, November 16. Mr. Fred Niblo and his wife, who

NOBEL PRIZES
AWARDED TO GERMAN PROFESSORS

Stockholm, November 16. The Nobel prizes for physics for 1918-1919 and for chemistry have been awarded to German professors.

Stockholm, November 16. The Nobel prizes for physics for 1918-1919 and for chemistry have been a

A LINK WITH NELSON
CARMANIA HONOURED BY NAVY LEAGUE

In recognition of the fine accomplishment of the Cunard liner Carmania in sinking the German armed liner Cap Trafalgar.

In recognition of the fine accomplishment of the Cunard liner Carmania in sinking the German armed liner Cap Trafalgar. In recognition of the fine accomplishment of the Cunard liner Carmania in sinking the German armed liner Cap Trafalgar. In recognition of the fine accomplishment of the Cunard liner Carmania in sinking the German armed liner Cap Trafalgar. In recognition of the fine accomplishment of the Cunard liner Carmania in sinking the German armed liner Cap Trafalgar. In recognition of the fine accomplishment of the Cunard liner Carmania in sinking the German armed liner Cap Trafalgar. In recognition of the fine accomplishment of the Cunard liner Carmania in sinking the German armed liner Cap Trafalgar. In recognition of the fine accomplishment of the Cunard liner Carmania in sinking the German armed liner Cap Trafalgar. In recognition of the fine accomplishment of the Cunard liner Carmania in sinking the German armed liner Cap Trafalgar. In recognition of the fine accomplishment of the Cunard liner Carmania in sinking the German armed liner Cap Trafalgar. In recognition of the fine accomplishment of the Cunard liner Carmania in sinking the German armed liner Cap Trafalgar. In recognition of the fine accomplishment of the Cunard liner Carmania in sinking the German armed liner Cap Trafalgar. In recognition of the fine accomplishment of the Cunard liner Carmania in sinking the German armed liner Cap Trafalgar. In recognition of the fine accomplishment of the Cunard liner Carmania in sinking the German armed liner Cap Trafalgar. In recognition of the fine accomplishment of the Cunard liner Carmania i

GENERAL CABLEGRAMS
MINES IN THE NORTH SEA

Berlin, November 15. Storms in the North Sea have liberated hundreds of sunken mines.

AGRICULTURAL DEPARTMENT'S COLONIAL STATISTICS
DR. GILRUTH RETURNING
AUSTRALIA'S NAVAL REPRESENTATIVE
HINDENBURG'S WELCOME TO BERLIN
ROSSMITH'S PROGRESS
LATE SHIPPING
CAPITAL FREED FROM WAR RESTRICTIONS
THE PELTON BEQUEST
THE WHITE PLAGUE
CUBAN ENTERPRISE
ACADEMIC COMPLIMENT TO FRANCE
MR. ASQUITH
OUR CASUALTIES AT JUTLAND
U.S. CONTROL OF WIRES IN WARTIME
AUSTRALIAN CRICKETERS IN SOUTH AFRICA
THE AMERICA CUP
NEWFOUNDLAND PREMIERSHIP

London, November 16. Lord Milner has appointed a committee to consider whether the staff of the Agricultural Department's colonial services is adequate.

London, November 16. Lord Milner has appointed a committee to consider whether the staff of the Agricultural Department's colonial services is adequate. London, November 16. Lord Milner has appointed a committee to consider whether the staff of the Agricultural Department's colonial services is adequate. London, November 16. Lord Milner has appointed a committee to consider whether the staff of the Agricultural Department's colonial services is adequate. London, November 16. Lord Milner has appointed a committee to consider whether the staff of the Agricultural Department's colonial services is adequate. London, November 16. Lord Milner has appointed a committee to consider whether the staff of the Agricultural Department's colonial services is adequate. London, November 16. Lord Milner has appointed a committee to consider whether the staff of the Agricultural Department's colonial services is adequate. London, November 16. Lord Milner has appointed a committee to consider whether the staff of the Agricultural Department's colonial services is adequate. London, November 16. Lord Milner has appointed a committee to consider whether the staff of the Agricultural Department's colonial services is adequate. London, November 16. Lord Milner has appointed a committee to consider whether the staff of the Agricultural Department's colonial services is adequate. London, November 16. Lord Milner has appointed a committee to consider whether the staff of the Agricultural Department's colonial services is adequate. London, November 16. Lord Milner has appointed a committee to consider whether the staff of the Agricultural Department's colonial services is adequate. London, November 16. Lord Milner has appointed a committee to consider whether the staff of the Agricultural Department's colonial services is adequate. London, November 16. Lord Milner has appointed a committee to consider whether the staff of the Agricultural Department's colonial services is adequate. London, November 16. Lord Milner has appointed a committee to consider whether the staff of the Agricultural Department's colonial services is adequate. London, November 16. Lord Milner has appointed a committee to consider whether the staff of the Agricultural Department's colonial services is adequate. London, November 16. Lord Milner has appointed a committee to consider whether the staff of the Agricultural Department's colonial services is adequate. London, November 16. Lord Milner has appointed a committee to consider whether the staff of the Agricultural Department's colonial services is adequate. London, November 16. Lord Milner has appointed a committee to consider whether the staff of the Agricultural Department's colonial services is adequate. London, November 16. Lord Milner has appointed a committee to consider whether the staff of the Agricultural Department's colonial services is adequate. London, November 16. Lord Milner has appointed a committee to consider whether the staff of the Agricultural Department's colonial services is adequate. London, November 16. Lord Milner has appointed a committee to consider whether the staff of the Agricultural Department's colonial services is adequate. London, November 16. Lord Milner has appointed a committee to consider whether the staff of the Agricultural Department's colonial services is adequate. London, November 16. Lord Milner has appointed a committee to consider whether the staff of the Agricultural Department's colonial services is adequate. London, November 16. Lord Milner has appointed a committee to consider whether the staff of the Agricultural Department's colonial services is adequate. London, November 16. Lord Milner has appointed a committee to consider whether the staff of the Agricultural Department's colonial services is adequate. London, November 16. Lord Milner has appointed a committee to consider whether the staff of the Agricultural Department's colonial services is adequate. London, November 16. Lord Milner has appointed a committee to consider whether the staff of the Agricultural Department's colonial services is adequate. London, November 16. Lord Milner has appointed a committee to consider whether the staff of the Agricultural Department's colonial services is adequate. London, November 16. Lord Milner has appointed a committee to consider whether the staff of the Agricultural Department's colonial services is adequate. London, November 16. Lord Milner has appointed a committee to consider whether the staff of the Agricultural Department's colonial services is adequate. London, November 16. Lord Milner has appointed a committee to consider whether the staff of the Agricultural Department's colonial services is adequate. London, November 16. Lord Milner has appointed a committee to consider whether the staff of the Agricultural Department's colonial services is adequate. London, November 16. Lord Milner has appointed a committee to consider whether the staff of the Agricultural Department's colonial services is adequate. London, November 16. Lord Milner has appointed a committee to consider whether the staff of the Agricultural Department's colonial services is adequate. London, November 16. Lord Milner has appointed a committee to consider whether the staff of the Agricultural Department's colonial services is adequate. London, November 16. Lord Milner has appointed a committee to consider whether the staff of the Agricultural Department's colonial services is adequate. London, November 16. Lord Milner has appointed a committee to consider whether the staff of the Agricultural Department's colonial services is adequate. London, November 16. Lord Milner has appointed a committee to consider whether the staff of the Agricultural Department's colonial services is adequate. London, November 16. Lord Milner has appointed a committee to consider whether the staff of the Agricultural Department's colonial services is adequate. London, November 16. Lord Milner has appointed a committee to consider whether the staff of the Agricultural Department's colonial services is adequate. London, November 16. Lord Milner has appointed a committee to consider whether the staff of the Agricultural Department's colonial services is adequate. London, November 16. Lord Milner has appointed a committee to consider whether the staff of the Agricultural Department's colonial services is adequate. London, November 16. Lord Milner has appointed a committee to consider whether the staff of the Agricultural Department's colonial services is adequate. London, November 16. Lord Milner has appointed a committee to consider whether the staff of the Agricultural Department's colonial services i

TREASON TRIALS IN FRANCE
A CAILLAUX STORY

Paris, November 16. The newspaper L'Oeuvre prints, as the first of the 'Echoes', a story about M. Caillaux.

Paris, November 16. The newspaper L'Oeuvre prints, as the first of the 'Echoes', a story about M. Caillaux. Paris, November 16. The newspaper L'Oeuvre prints, as the first of the 'Echoes', a story about M. Caillaux. Paris, November 16. The newspaper L'Oeuvre prints, as the first of the 'Echoes', a story about M. Caillaux. Paris, November 16. The newspaper L'Oeuvre prints, as the first of the 'Echoes', a story about M. Caillaux. Paris, November 16. The newspaper L'Oeuvre prints, as the first of the 'Echoes', a story about M. Caillaux. Paris, November 16. The newspaper L'Oeuvre prints, as the first of the 'Echoes', a story about M. Caillaux. Paris, November 16. The newspaper L'Oeuvre prints, as the first of the 'Echoes', a story about M. Caillaux. Paris, November 16. The newspaper L'Oeuvre prints, as the first of the 'Echoes', a story about M. Caillaux. Paris, November 16. The newspaper L'Oeuvre prints, as the first of the 'Echoes', a story about M. Caillaux. Paris, November 16. The newspaper L'Oeuvre prints, as the first of the 'Echoes', a story about M. Caillaux. Paris, November 16. The newspaper L'Oeuvre prints, as the first of the 'Echoes', a story about M. Caillaux. Paris, November 16. The newspaper L'Oeuvre prints, as the first of the 'Echoes', a story about M. Caillaux. Paris, November 16. The newspaper L'Oeuvre prints, as the first of the 'Echoes', a story about M. Caillaux. Paris, November 16. The newspaper L'Oeuvre prints, as the first of the 'Echoes', a story about M. Caillaux. Paris, November 16. The newspaper L'Oeuvre prints, as the first of the 'Echoes', a story about M. Caillaux. Paris, Novem

RAILWAY WAGES BOARD

Dunedin, November 17. Mr. George Mathieson, commissioner of Addington, has been appointed to the New Zealand Railways Officers' Institute representative on the Wages Board.

Dunedin, November 17. Mr. George Mathieson, commissioner of Addington, has been appointed to the New Zealand Railways Officers' Institute representative on the Wages Board. Dunedin, November 17. Mr. George Mathieson, commissioner of Addington, has been appointed to the New Zealand Railways Officers' Institute representative on the Wages Board. Dunedin, November 17. Mr. George Mathieson, commissioner of Addington, has been appointed to the New Zealand Railways Officers' Institute representative on the Wages Board. Dunedin, November 17. Mr. George Mathieson, commissioner of Addington, has been appointed to the New Zealand Railways Officers' Institute representative
